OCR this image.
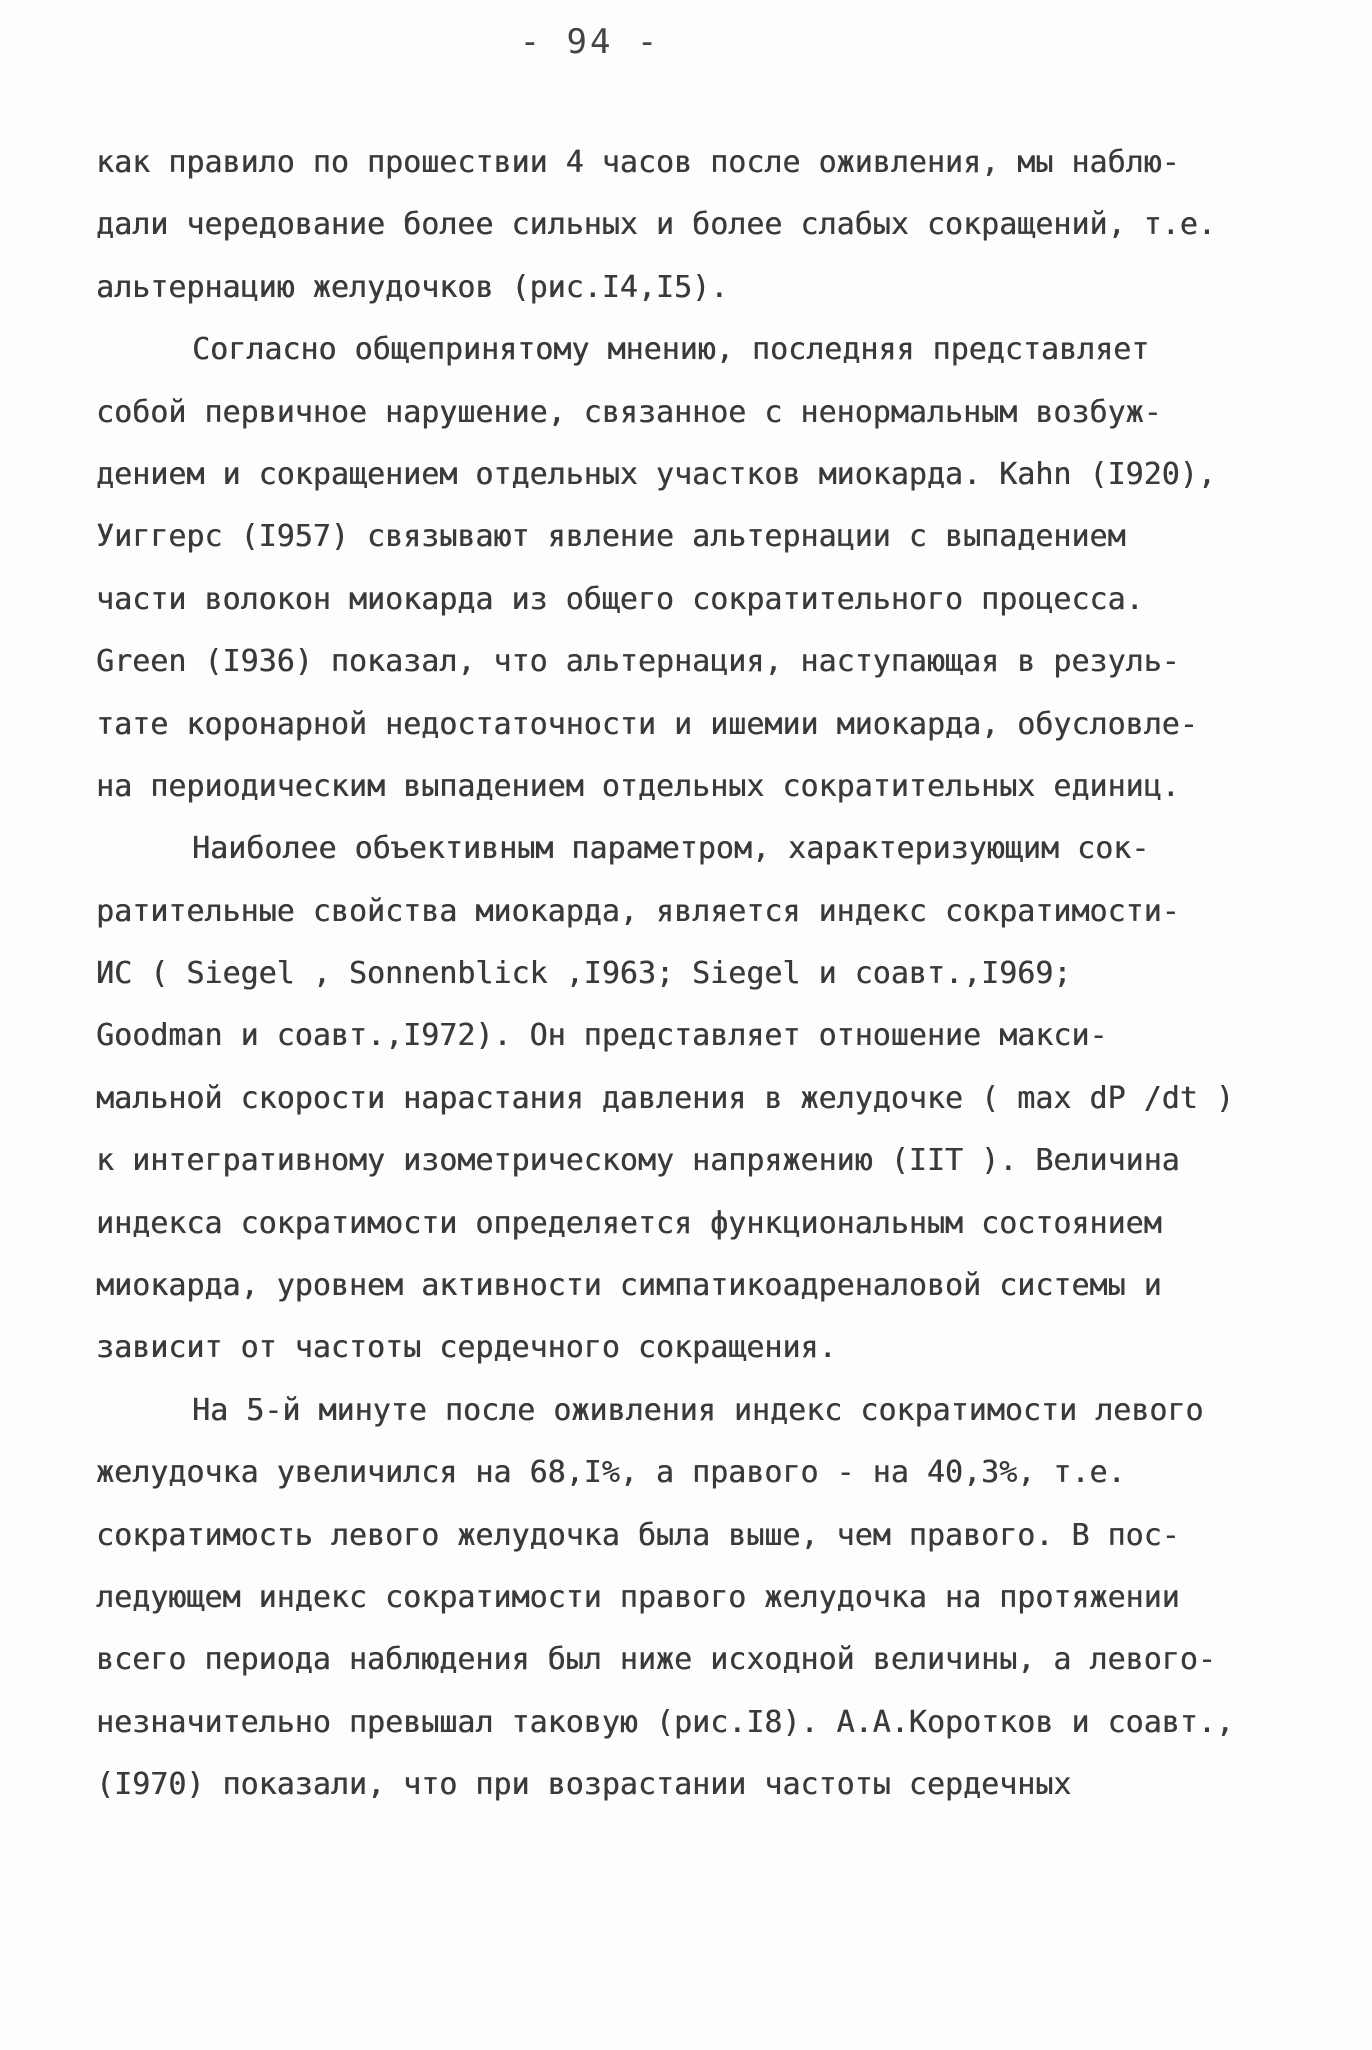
- 94 -
как правило по прошествии 4 часов после оживления, мы наблю-
дали чередование более сильных и более слабых сокращений, т.е.
альтернацию желудочков (рис.I4,I5).
Согласно общепринятому мнению, последняя представляет
собой первичное нарушение, связанное с ненормальным возбуж-
дением и сокращением отдельных участков миокарда. Kahn (I920),
Уиггерс (I957) связывают явление альтернации с выпадением
части волокон миокарда из общего сократительного процесса.
Green (I936) показал, что альтернация, наступающая в резуль-
тате коронарной недостаточности и ишемии миокарда, обусловле-
на периодическим выпадением отдельных сократительных единиц.
Наиболее объективным параметром, характеризующим сок-
ратительные свойства миокарда, является индекс сократимости-
ИС ( Siegel , Sonnenblick ,I963; Siegel и соавт.,I969;
Goodman и соавт.,I972). Он представляет отношение макси-
мальной скорости нарастания давления в желудочке ( max dP /dt )
к интегративному изометрическому напряжению (IIT ). Величина
индекса сократимости определяется функциональным состоянием
миокарда, уровнем активности симпатикоадреналовой системы и
зависит от частоты сердечного сокращения.
На 5-й минуте после оживления индекс сократимости левого
желудочка увеличился на 68,I%, а правого - на 40,3%, т.е.
сократимость левого желудочка была выше, чем правого. В пос-
ледующем индекс сократимости правого желудочка на протяжении
всего периода наблюдения был ниже исходной величины, а левого-
незначительно превышал таковую (рис.I8). А.А.Коротков и соавт.,
(I970) показали, что при возрастании частоты сердечных
